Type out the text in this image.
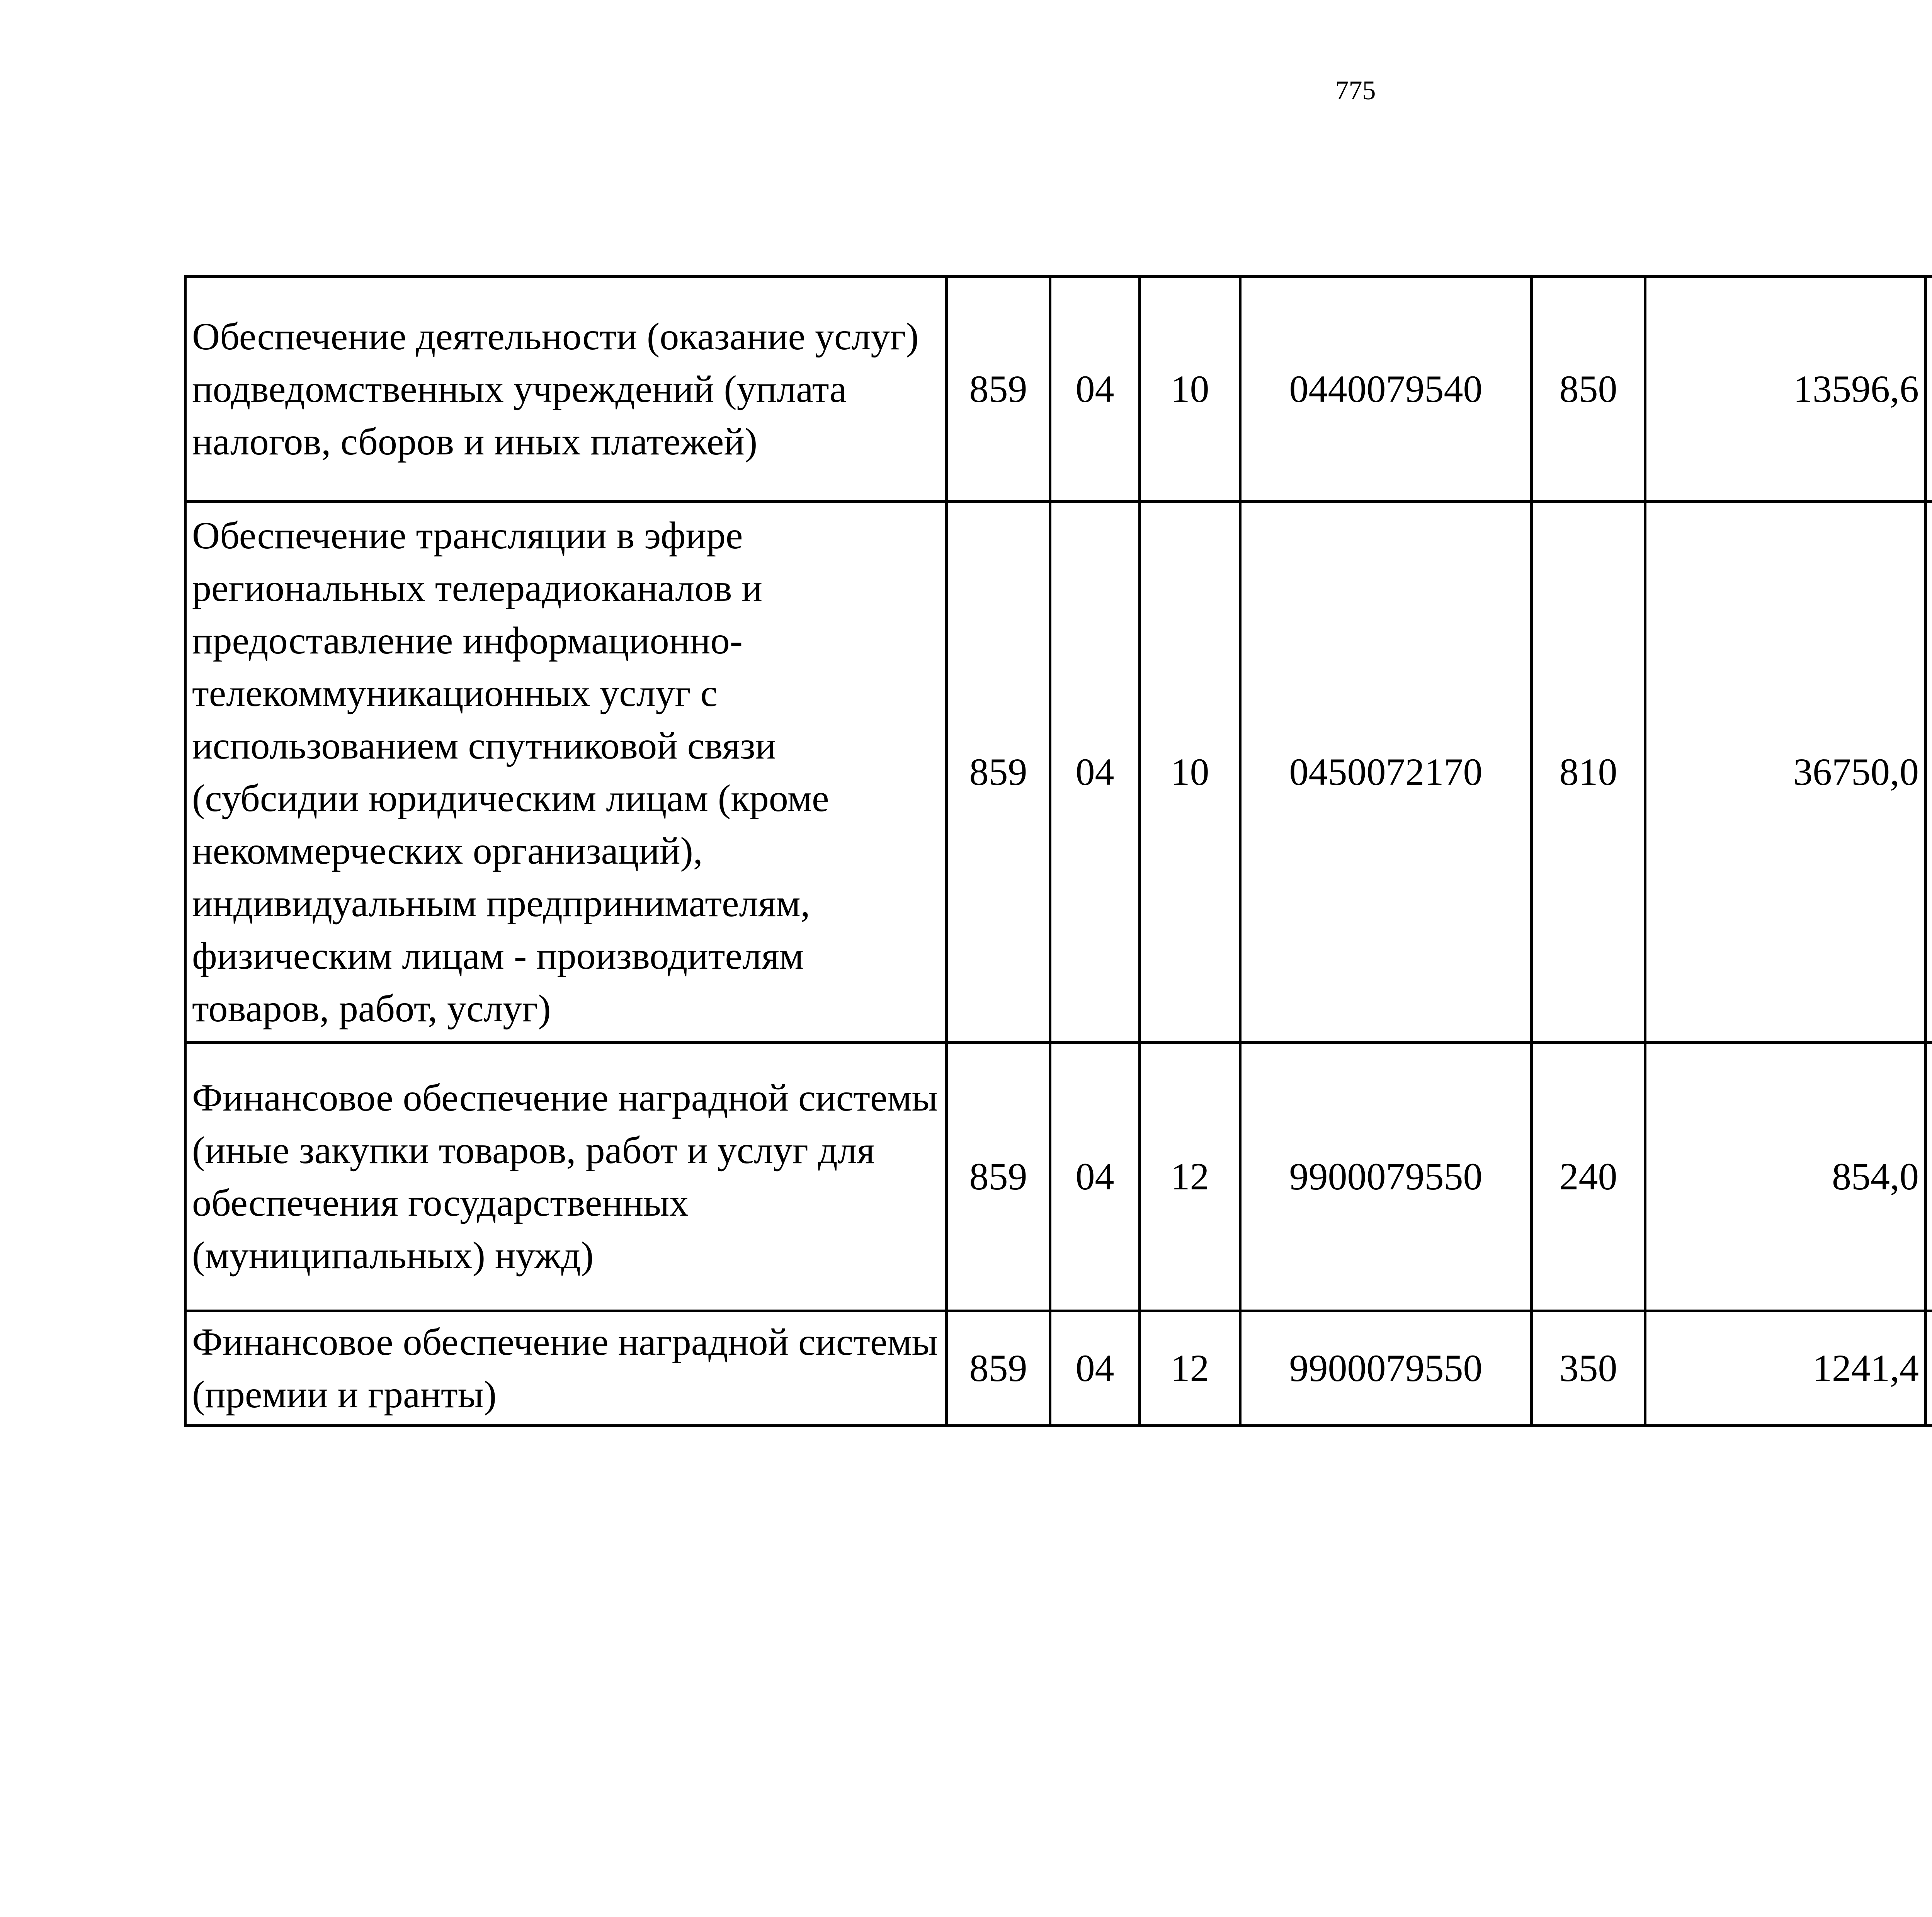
775
Обеспечение деятельности (оказание услуг) подведомственных учреждений (уплата налогов, сборов и иных платежей)	859	04	10	0440079540	850	13596,6		
Обеспечение трансляции в эфире региональных телерадиоканалов и предоставление информационно-телекоммуникационных услуг с использованием спутниковой связи (субсидии юридическим лицам (кроме некоммерческих организаций), индивидуальным предпринимателям, физическим лицам - производителям товаров, работ, услуг)	859	04	10	0450072170	810	36750,0		
Финансовое обеспечение наградной системы (иные закупки товаров, работ и услуг для обеспечения государственных (муниципальных) нужд)	859	04	12	9900079550	240	854,0		
Финансовое обеспечение наградной системы (премии и гранты)	859	04	12	9900079550	350	1241,4		
